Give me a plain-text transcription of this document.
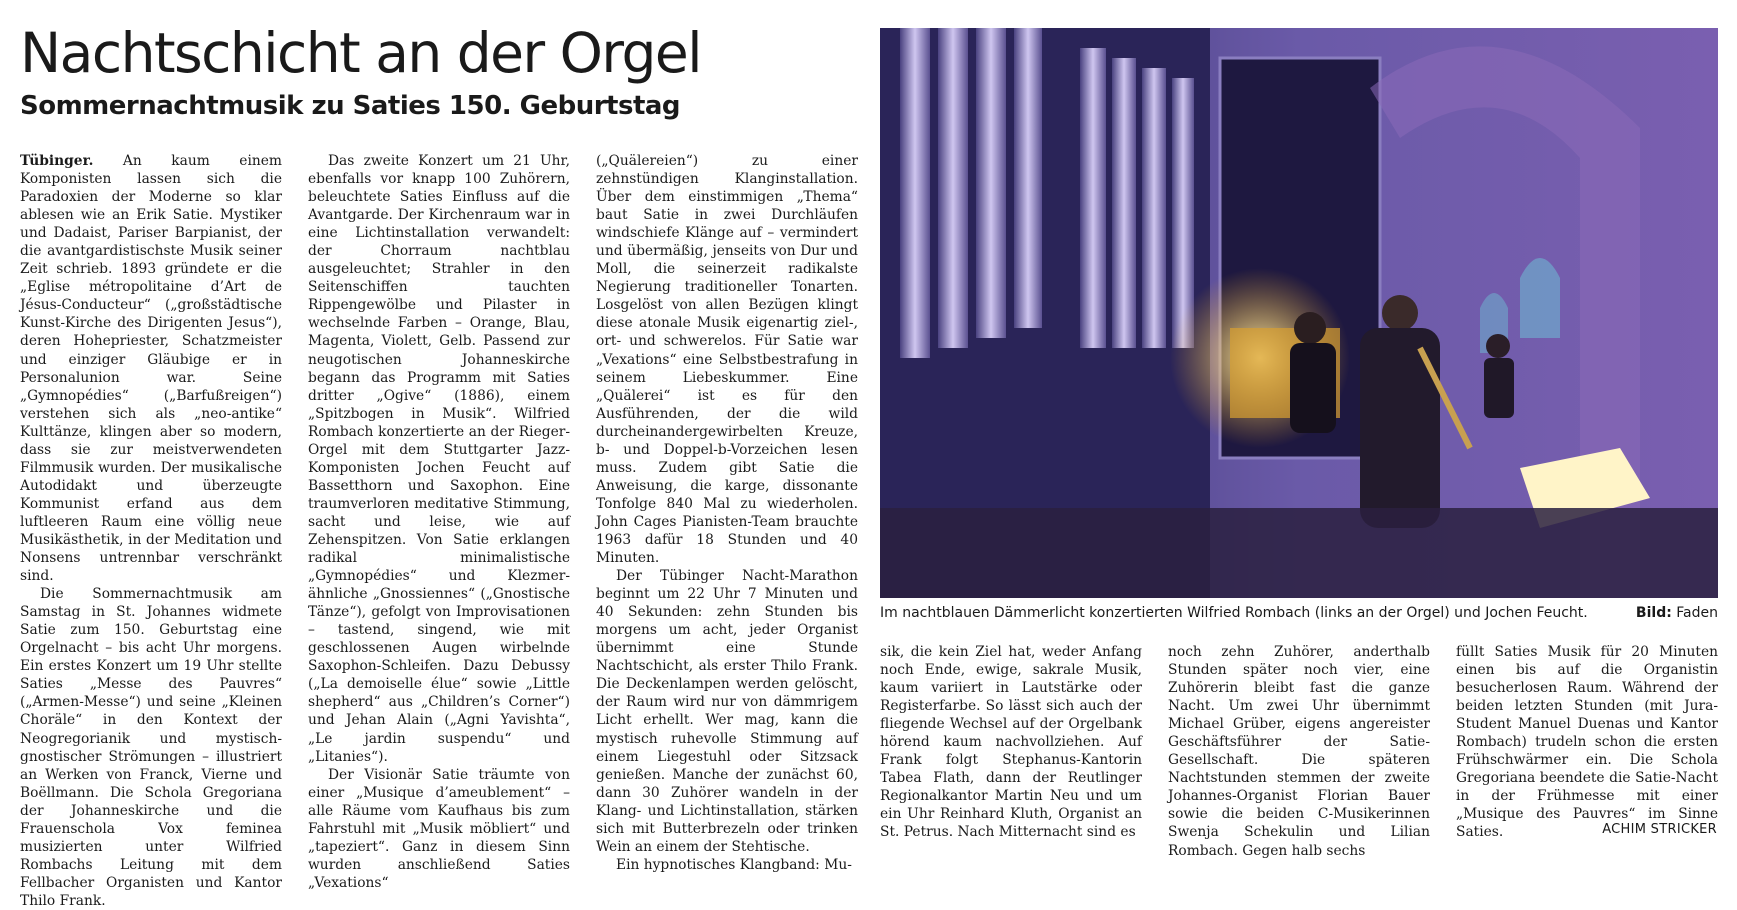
Nachtschicht an der Orgel
Sommernachtmusik zu Saties 150. Geburtstag

Tübinger. An kaum einem Komponisten lassen sich die Paradoxien der Moderne so klar ablesen wie an Erik Satie. Mystiker und Dadaist, Pariser Barpianist, der die avantgardistischste Musik seiner Zeit schrieb. 1893 gründete er die „Eglise métropolitaine d’Art de Jésus-Conducteur“ („großstädtische Kunst-Kirche des Dirigenten Jesus“), deren Hohepriester, Schatzmeister und einziger Gläubige er in Personalunion war. Seine „Gymnopédies“ („Barfußreigen“) verstehen sich als „neo-antike“ Kulttänze, klingen aber so modern, dass sie zur meistverwendeten Filmmusik wurden. Der musikalische Autodidakt und überzeugte Kommunist erfand aus dem luftleeren Raum eine völlig neue Musikästhetik, in der Meditation und Nonsens untrennbar verschränkt sind.

Die Sommernachtmusik am Samstag in St. Johannes widmete Satie zum 150. Geburtstag eine Orgelnacht – bis acht Uhr morgens. Ein erstes Konzert um 19 Uhr stellte Saties „Messe des Pauvres“ („Armen-Messe“) und seine „Kleinen Choräle“ in den Kontext der Neogregorianik und mystisch-gnostischer Strömungen – illustriert an Werken von Franck, Vierne und Boëllmann. Die Schola Gregoriana der Johanneskirche und die Frauenschola Vox feminea musizierten unter Wilfried Rombachs Leitung mit dem Fellbacher Organisten und Kantor Thilo Frank.

Das zweite Konzert um 21 Uhr, ebenfalls vor knapp 100 Zuhörern, beleuchtete Saties Einfluss auf die Avantgarde. Der Kirchenraum war in eine Lichtinstallation verwandelt: der Chorraum nachtblau ausgeleuchtet; Strahler in den Seitenschiffen tauchten Rippengewölbe und Pilaster in wechselnde Farben – Orange, Blau, Magenta, Violett, Gelb. Passend zur neugotischen Johanneskirche begann das Programm mit Saties dritter „Ogive“ (1886), einem „Spitzbogen in Musik“. Wilfried Rombach konzertierte an der Rieger-Orgel mit dem Stuttgarter Jazz-Komponisten Jochen Feucht auf Bassetthorn und Saxophon. Eine traumverloren meditative Stimmung, sacht und leise, wie auf Zehenspitzen. Von Satie erklangen radikal minimalistische „Gymnopédies“ und Klezmer-ähnliche „Gnossiennes“ („Gnostische Tänze“), gefolgt von Improvisationen – tastend, singend, wie mit geschlossenen Augen wirbelnde Saxophon-Schleifen. Dazu Debussy („La demoiselle élue“ sowie „Little shepherd“ aus „Children’s Corner“) und Jehan Alain („Agni Yavishta“, „Le jardin suspendu“ und „Litanies“).

Der Visionär Satie träumte von einer „Musique d’ameublement“ – alle Räume vom Kaufhaus bis zum Fahrstuhl mit „Musik möbliert“ und „tapeziert“. Ganz in diesem Sinn wurden anschließend Saties „Vexations“

(„Quälereien“) zu einer zehnstündigen Klanginstallation. Über dem einstimmigen „Thema“ baut Satie in zwei Durchläufen windschiefe Klänge auf – vermindert und übermäßig, jenseits von Dur und Moll, die seinerzeit radikalste Negierung traditioneller Tonarten. Losgelöst von allen Bezügen klingt diese atonale Musik eigenartig ziel-, ort- und schwerelos. Für Satie war „Vexations“ eine Selbstbestrafung in seinem Liebeskummer. Eine „Quälerei“ ist es für den Ausführenden, der die wild durcheinandergewirbelten Kreuze, b- und Doppel-b-Vorzeichen lesen muss. Zudem gibt Satie die Anweisung, die karge, dissonante Tonfolge 840 Mal zu wiederholen. John Cages Pianisten-Team brauchte 1963 dafür 18 Stunden und 40 Minuten.

Der Tübinger Nacht-Marathon beginnt um 22 Uhr 7 Minuten und 40 Sekunden: zehn Stunden bis morgens um acht, jeder Organist übernimmt eine Stunde Nachtschicht, als erster Thilo Frank. Die Deckenlampen werden gelöscht, der Raum wird nur von dämmrigem Licht erhellt. Wer mag, kann die mystisch ruhevolle Stimmung auf einem Liegestuhl oder Sitzsack genießen. Manche der zunächst 60, dann 30 Zuhörer wandeln in der Klang- und Lichtinstallation, stärken sich mit Butterbrezeln oder trinken Wein an einem der Stehtische.

Ein hypnotisches Klangband: Mu-

Im nachtblauen Dämmerlicht konzertierten Wilfried Rombach (links an der Orgel) und Jochen Feucht.	Bild: Faden

sik, die kein Ziel hat, weder Anfang noch Ende, ewige, sakrale Musik, kaum variiert in Lautstärke oder Registerfarbe. So lässt sich auch der fliegende Wechsel auf der Orgelbank hörend kaum nachvollziehen. Auf Frank folgt Stephanus-Kantorin Tabea Flath, dann der Reutlinger Regionalkantor Martin Neu und um ein Uhr Reinhard Kluth, Organist an St. Petrus. Nach Mitternacht sind es

noch zehn Zuhörer, anderthalb Stunden später noch vier, eine Zuhörerin bleibt fast die ganze Nacht. Um zwei Uhr übernimmt Michael Grüber, eigens angereister Geschäftsführer der Satie-Gesellschaft. Die späteren Nachtstunden stemmen der zweite Johannes-Organist Florian Bauer sowie die beiden C-Musikerinnen Swenja Schekulin und Lilian Rombach. Gegen halb sechs

füllt Saties Musik für 20 Minuten einen bis auf die Organistin besucherlosen Raum. Während der beiden letzten Stunden (mit Jura-Student Manuel Duenas und Kantor Rombach) trudeln schon die ersten Frühschwärmer ein. Die Schola Gregoriana beendete die Satie-Nacht in der Frühmesse mit einer „Musique des Pauvres“ im Sinne Saties.	ACHIM STRICKER
